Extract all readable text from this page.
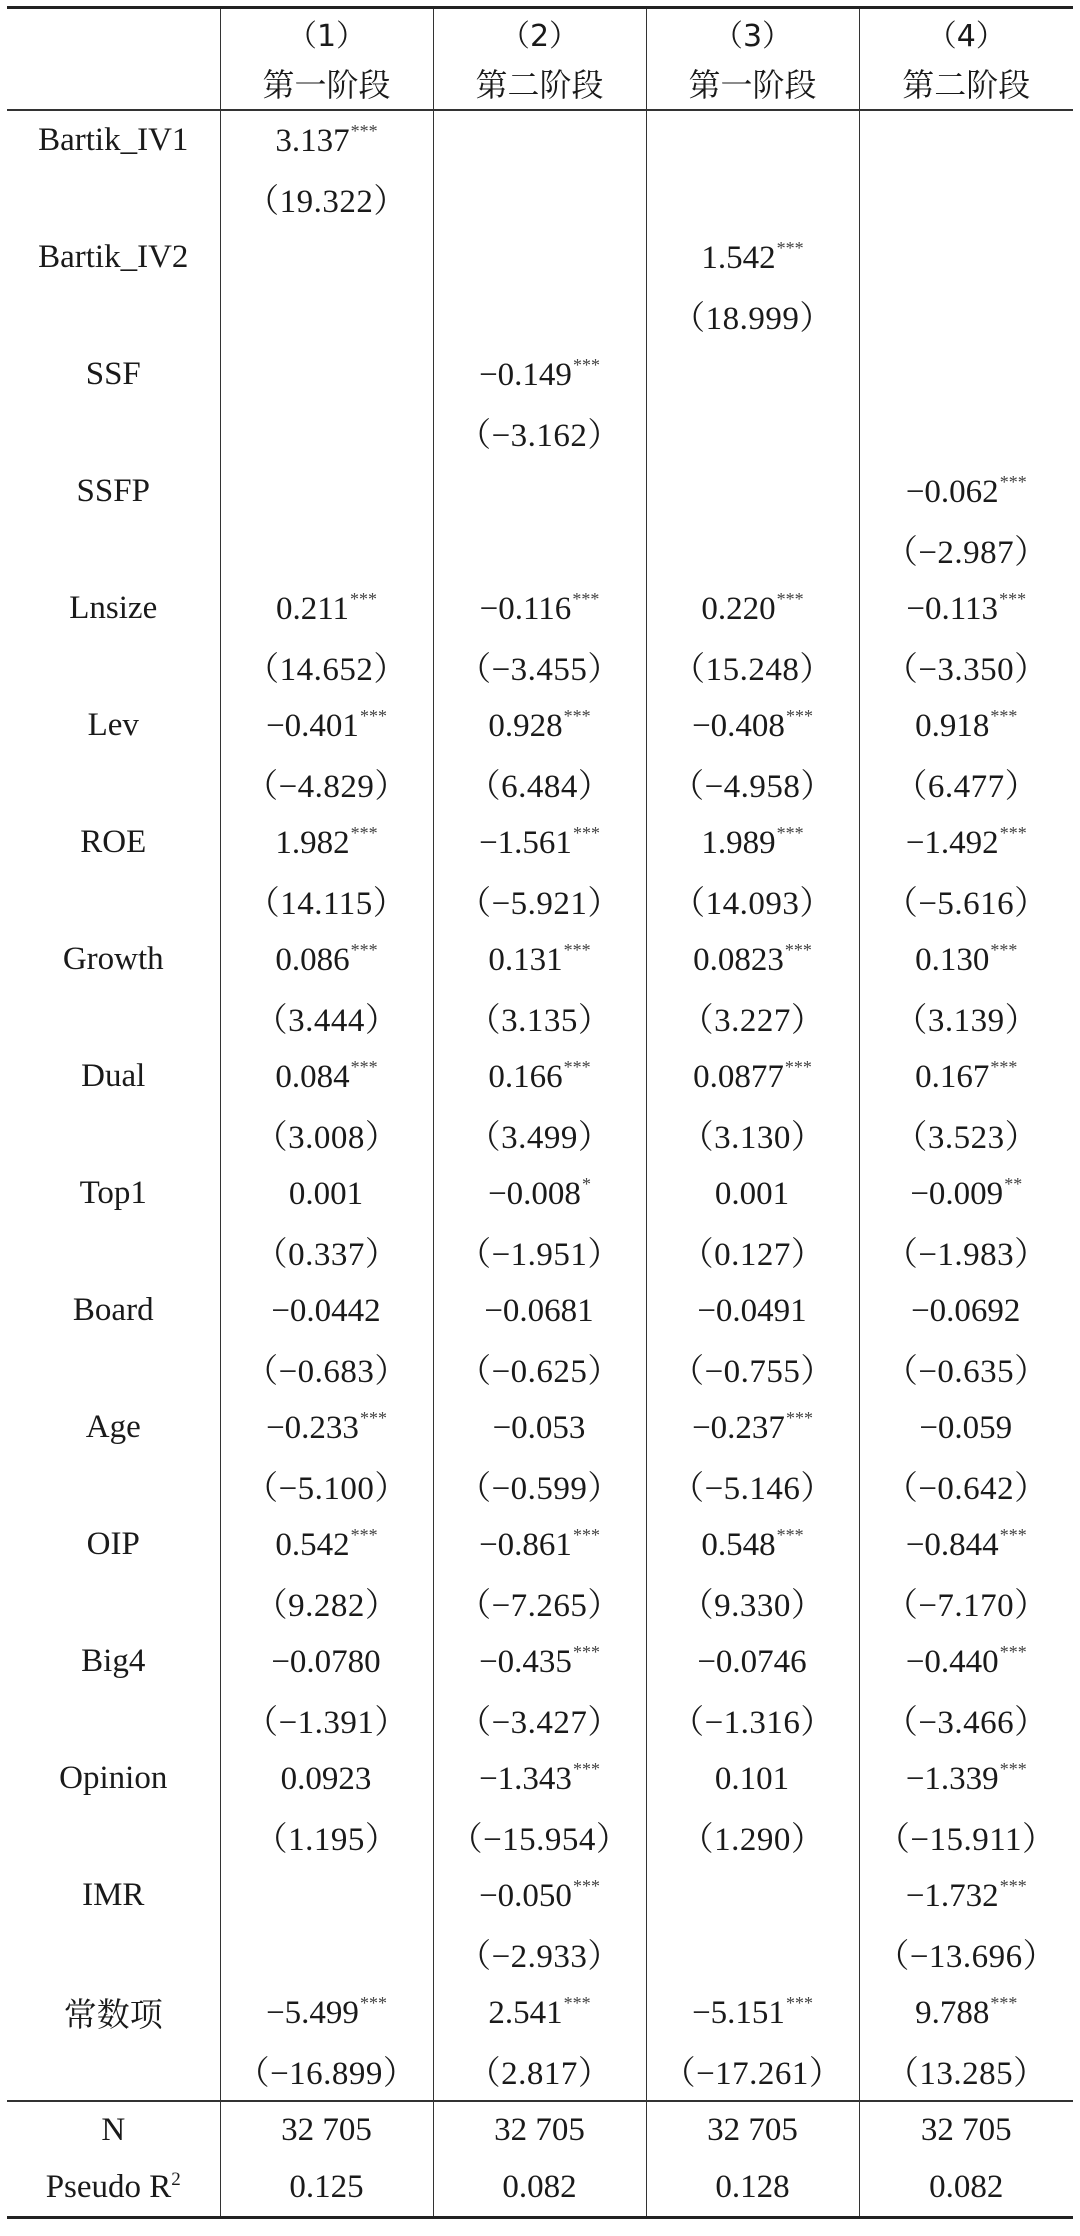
	（1）	（2）	（3）	（4）
	第一阶段	第二阶段	第一阶段	第二阶段
Bartik_IV1	3.137***			
	（19.322）			
Bartik_IV2			1.542***	
			（18.999）	
SSF		−0.149***		
		（−3.162）		
SSFP				−0.062***
				（−2.987）
Lnsize	0.211***	−0.116***	0.220***	−0.113***
	（14.652）	（−3.455）	（15.248）	（−3.350）
Lev	−0.401***	0.928***	−0.408***	0.918***
	（−4.829）	（6.484）	（−4.958）	（6.477）
ROE	1.982***	−1.561***	1.989***	−1.492***
	（14.115）	（−5.921）	（14.093）	（−5.616）
Growth	0.086***	0.131***	0.0823***	0.130***
	（3.444）	（3.135）	（3.227）	（3.139）
Dual	0.084***	0.166***	0.0877***	0.167***
	（3.008）	（3.499）	（3.130）	（3.523）
Top1	0.001	−0.008*	0.001	−0.009**
	（0.337）	（−1.951）	（0.127）	（−1.983）
Board	−0.0442	−0.0681	−0.0491	−0.0692
	（−0.683）	（−0.625）	（−0.755）	（−0.635）
Age	−0.233***	−0.053	−0.237***	−0.059
	（−5.100）	（−0.599）	（−5.146）	（−0.642）
OIP	0.542***	−0.861***	0.548***	−0.844***
	（9.282）	（−7.265）	（9.330）	（−7.170）
Big4	−0.0780	−0.435***	−0.0746	−0.440***
	（−1.391）	（−3.427）	（−1.316）	（−3.466）
Opinion	0.0923	−1.343***	0.101	−1.339***
	（1.195）	（−15.954）	（1.290）	（−15.911）
IMR		−0.050***		−1.732***
		（−2.933）		（−13.696）
常数项	−5.499***	2.541***	−5.151***	9.788***
	（−16.899）	（2.817）	（−17.261）	（13.285）
N	32 705	32 705	32 705	32 705
Pseudo $R^2$	0.125	0.082	0.128	0.082
